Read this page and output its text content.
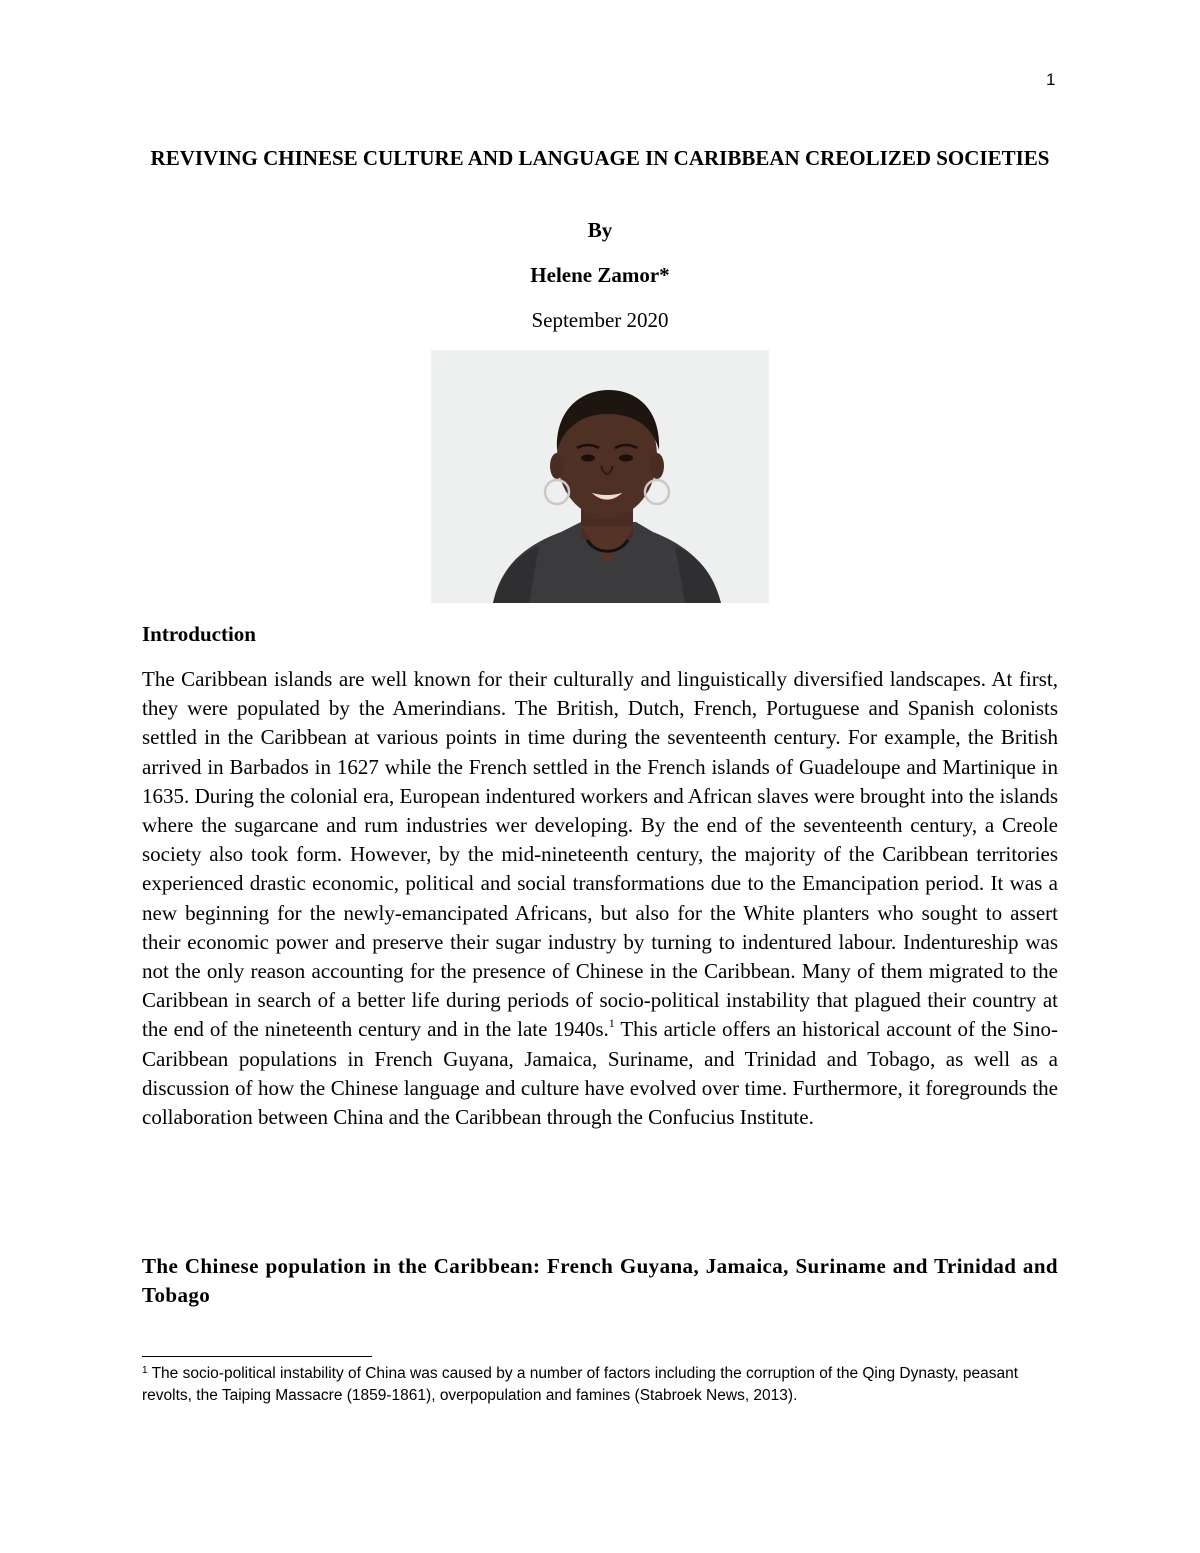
1
REVIVING CHINESE CULTURE AND LANGUAGE IN CARIBBEAN CREOLIZED SOCIETIES

By

Helene Zamor*

September 2020

Introduction

The Caribbean islands are well known for their culturally and linguistically diversified landscapes. At first, they were populated by the Amerindians. The British, Dutch, French, Portuguese and Spanish colonists settled in the Caribbean at various points in time during the seventeenth century. For example, the British arrived in Barbados in 1627 while the French settled in the French islands of Guadeloupe and Martinique in 1635. During the colonial era, European indentured workers and African slaves were brought into the islands where the sugarcane and rum industries wer developing. By the end of the seventeenth century, a Creole society also took form. However, by the mid-nineteenth century, the majority of the Caribbean territories experienced drastic economic, political and social transformations due to the Emancipation period. It was a new beginning for the newly-emancipated Africans, but also for the White planters who sought to assert their economic power and preserve their sugar industry by turning to indentured labour. Indentureship was not the only reason accounting for the presence of Chinese in the Caribbean. Many of them migrated to the Caribbean in search of a better life during periods of socio-political instability that plagued their country at the end of the nineteenth century and in the late 1940s.$^1$ This article offers an historical account of the Sino-Caribbean populations in French Guyana, Jamaica, Suriname, and Trinidad and Tobago, as well as a discussion of how the Chinese language and culture have evolved over time. Furthermore, it foregrounds the collaboration between China and the Caribbean through the Confucius Institute.

The Chinese population in the Caribbean: French Guyana, Jamaica, Suriname and Trinidad and Tobago

$^1$ The socio-political instability of China was caused by a number of factors including the corruption of the Qing Dynasty, peasant revolts, the Taiping Massacre (1859-1861), overpopulation and famines (Stabroek News, 2013).
